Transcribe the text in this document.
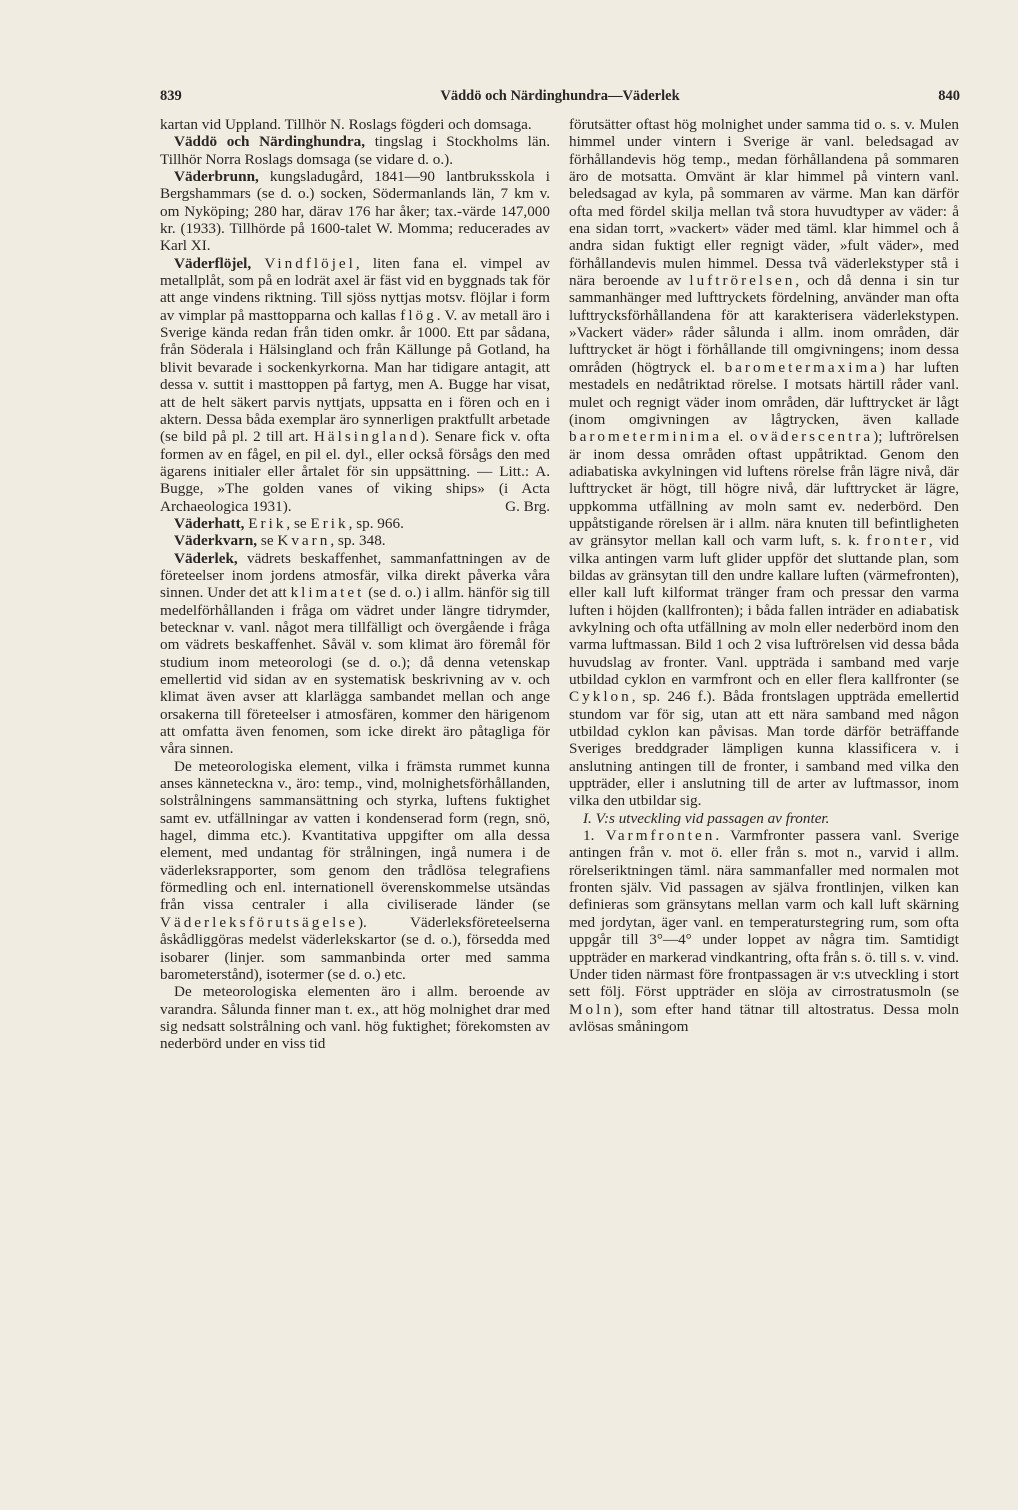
839	Väddö och Närdinghundra—Väderlek	840

kartan vid Uppland. Tillhör N. Roslags fögderi och domsaga.

Väddö och Närdinghundra, tingslag i Stockholms län. Tillhör Norra Roslags domsaga (se vidare d. o.).

Väderbrunn, kungsladugård, 1841—90 lantbruksskola i Bergshammars (se d. o.) socken, Södermanlands län, 7 km v. om Nyköping; 280 har, därav 176 har åker; tax.-värde 147,000 kr. (1933). Tillhörde på 1600-talet W. Momma; reducerades av Karl XI.

Väderflöjel, Vindflöjel, liten fana el. vimpel av metallplåt, som på en lodrät axel är fäst vid en byggnads tak för att ange vindens riktning. Till sjöss nyttjas motsv. flöjlar i form av vimplar på masttopparna och kallas flög. V. av metall äro i Sverige kända redan från tiden omkr. år 1000. Ett par sådana, från Söderala i Hälsingland och från Källunge på Gotland, ha blivit bevarade i sockenkyrkorna. Man har tidigare antagit, att dessa v. suttit i masttoppen på fartyg, men A. Bugge har visat, att de helt säkert parvis nyttjats, uppsatta en i fören och en i aktern. Dessa båda exemplar äro synnerligen praktfullt arbetade (se bild på pl. 2 till art. Hälsingland). Senare fick v. ofta formen av en fågel, en pil el. dyl., eller också försågs den med ägarens initialer eller årtalet för sin uppsättning. — Litt.: A. Bugge, »The golden vanes of viking ships» (i Acta Archaeologica 1931).	G. Brg.

Väderhatt, Erik, se Erik, sp. 966.

Väderkvarn, se Kvarn, sp. 348.

Väderlek, vädrets beskaffenhet, sammanfattningen av de företeelser inom jordens atmosfär, vilka direkt påverka våra sinnen. Under det att klimatet (se d. o.) i allm. hänför sig till medelförhållanden i fråga om vädret under längre tidrymder, betecknar v. vanl. något mera tillfälligt och övergående i fråga om vädrets beskaffenhet. Såväl v. som klimat äro föremål för studium inom meteorologi (se d. o.); då denna vetenskap emellertid vid sidan av en systematisk beskrivning av v. och klimat även avser att klarlägga sambandet mellan och ange orsakerna till företeelser i atmosfären, kommer den härigenom att omfatta även fenomen, som icke direkt äro påtagliga för våra sinnen.

De meteorologiska element, vilka i främsta rummet kunna anses känneteckna v., äro: temp., vind, molnighetsförhållanden, solstrålningens sammansättning och styrka, luftens fuktighet samt ev. utfällningar av vatten i kondenserad form (regn, snö, hagel, dimma etc.). Kvantitativa uppgifter om alla dessa element, med undantag för strålningen, ingå numera i de väderleksrapporter, som genom den trådlösa telegrafiens förmedling och enl. internationell överenskommelse utsändas från vissa centraler i alla civiliserade länder (se Väderleksförutsägelse). Väderleksföreteelserna åskådliggöras medelst väderlekskartor (se d. o.), försedda med isobarer (linjer. som sammanbinda orter med samma barometerstånd), isotermer (se d. o.) etc.

De meteorologiska elementen äro i allm. beroende av varandra. Sålunda finner man t. ex., att hög molnighet drar med sig nedsatt solstrålning och vanl. hög fuktighet; förekomsten av nederbörd under en viss tid

förutsätter oftast hög molnighet under samma tid o. s. v. Mulen himmel under vintern i Sverige är vanl. beledsagad av förhållandevis hög temp., medan förhållandena på sommaren äro de motsatta. Omvänt är klar himmel på vintern vanl. beledsagad av kyla, på sommaren av värme. Man kan därför ofta med fördel skilja mellan två stora huvudtyper av väder: å ena sidan torrt, »vackert» väder med täml. klar himmel och å andra sidan fuktigt eller regnigt väder, »fult väder», med förhållandevis mulen himmel. Dessa två väderlekstyper stå i nära beroende av luftrörelsen, och då denna i sin tur sammanhänger med lufttryckets fördelning, använder man ofta lufttrycksförhållandena för att karakterisera väderlekstypen. »Vackert väder» råder sålunda i allm. inom områden, där lufttrycket är högt i förhållande till omgivningens; inom dessa områden (högtryck el. barometermaxima) har luften mestadels en nedåtriktad rörelse. I motsats härtill råder vanl. mulet och regnigt väder inom områden, där lufttrycket är lågt (inom omgivningen av lågtrycken, även kallade barometerminima el. oväderscentra); luftrörelsen är inom dessa områden oftast uppåtriktad. Genom den adiabatiska avkylningen vid luftens rörelse från lägre nivå, där lufttrycket är högt, till högre nivå, där lufttrycket är lägre, uppkomma utfällning av moln samt ev. nederbörd. Den uppåtstigande rörelsen är i allm. nära knuten till befintligheten av gränsytor mellan kall och varm luft, s. k. fronter, vid vilka antingen varm luft glider uppför det sluttande plan, som bildas av gränsytan till den undre kallare luften (värmefronten), eller kall luft kilformat tränger fram och pressar den varma luften i höjden (kallfronten); i båda fallen inträder en adiabatisk avkylning och ofta utfällning av moln eller nederbörd inom den varma luftmassan. Bild 1 och 2 visa luftrörelsen vid dessa båda huvudslag av fronter. Vanl. uppträda i samband med varje utbildad cyklon en varmfront och en eller flera kallfronter (se Cyklon, sp. 246 f.). Båda frontslagen uppträda emellertid stundom var för sig, utan att ett nära samband med någon utbildad cyklon kan påvisas. Man torde därför beträffande Sveriges breddgrader lämpligen kunna klassificera v. i anslutning antingen till de fronter, i samband med vilka den uppträder, eller i anslutning till de arter av luftmassor, inom vilka den utbildar sig.

I. V:s utveckling vid passagen av fronter.

1. Varmfronten. Varmfronter passera vanl. Sverige antingen från v. mot ö. eller från s. mot n., varvid i allm. rörelseriktningen täml. nära sammanfaller med normalen mot fronten själv. Vid passagen av själva frontlinjen, vilken kan definieras som gränsytans mellan varm och kall luft skärning med jordytan, äger vanl. en temperaturstegring rum, som ofta uppgår till 3°—4° under loppet av några tim. Samtidigt uppträder en markerad vindkantring, ofta från s. ö. till s. v. vind. Under tiden närmast före frontpassagen är v:s utveckling i stort sett följ. Först uppträder en slöja av cirrostratusmoln (se Moln), som efter hand tätnar till altostratus. Dessa moln avlösas småningom
